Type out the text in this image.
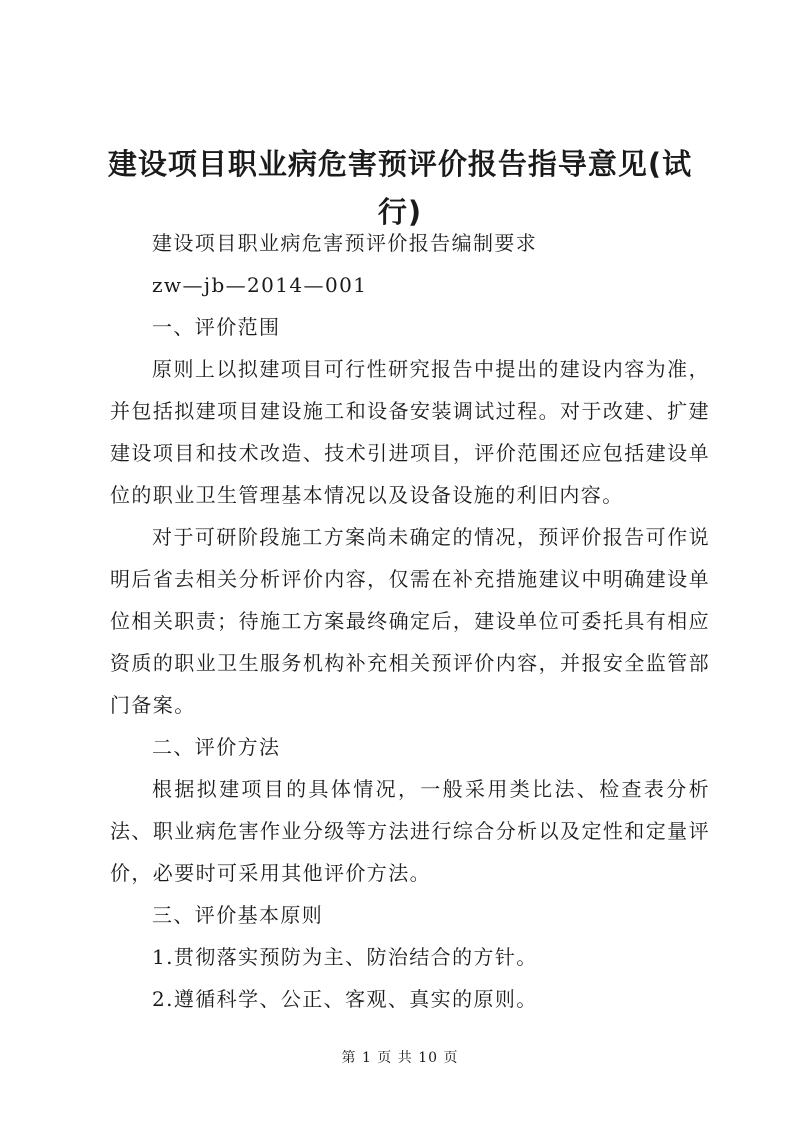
建设项目职业病危害预评价报告指导意见(试行)

建设项目职业病危害预评价报告编制要求

zw—jb—2014—001

一、评价范围

原则上以拟建项目可行性研究报告中提出的建设内容为准，并包括拟建项目建设施工和设备安装调试过程。对于改建、扩建建设项目和技术改造、技术引进项目，评价范围还应包括建设单位的职业卫生管理基本情况以及设备设施的利旧内容。

对于可研阶段施工方案尚未确定的情况，预评价报告可作说明后省去相关分析评价内容，仅需在补充措施建议中明确建设单位相关职责；待施工方案最终确定后，建设单位可委托具有相应资质的职业卫生服务机构补充相关预评价内容，并报安全监管部门备案。

二、评价方法

根据拟建项目的具体情况，一般采用类比法、检查表分析法、职业病危害作业分级等方法进行综合分析以及定性和定量评价，必要时可采用其他评价方法。

三、评价基本原则

1.贯彻落实预防为主、防治结合的方针。

2.遵循科学、公正、客观、真实的原则。

第 1 页 共 10 页
